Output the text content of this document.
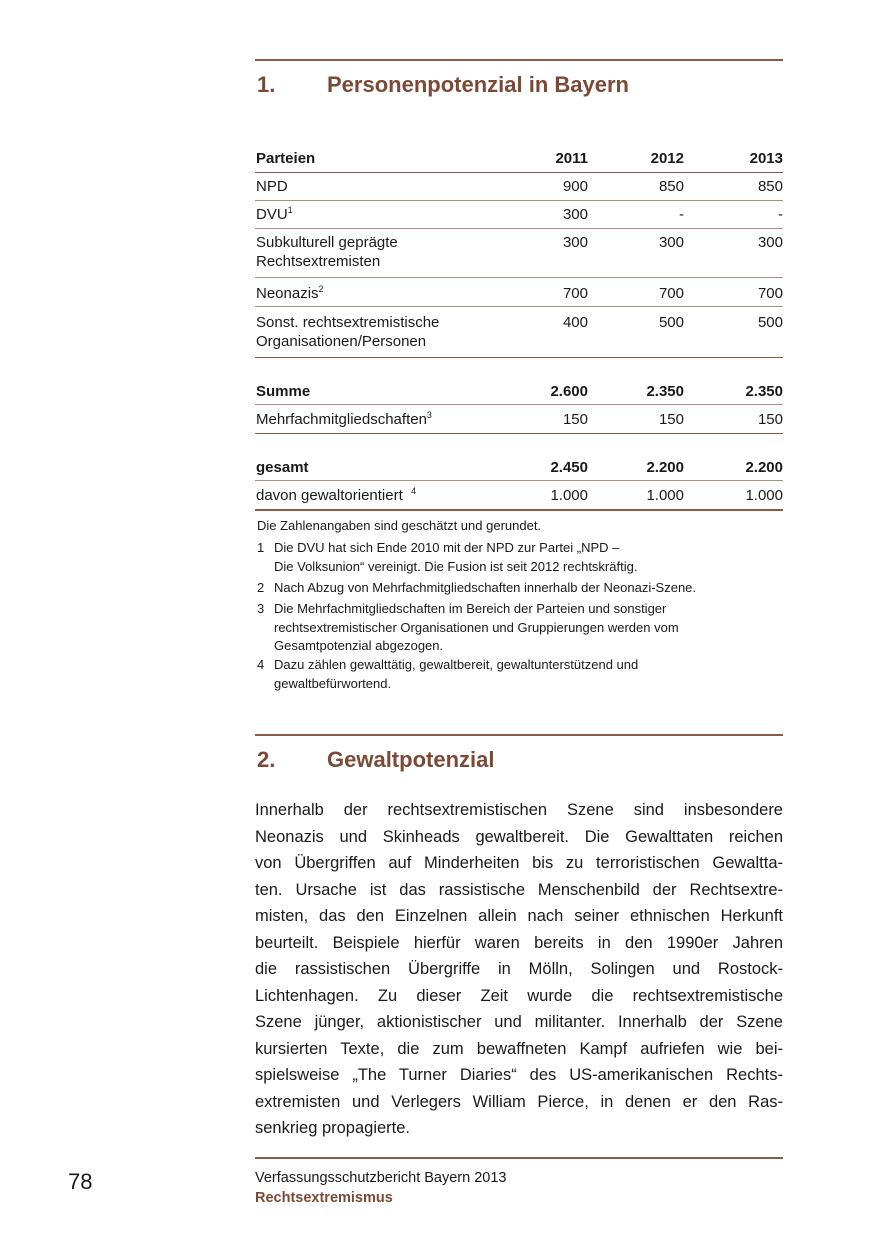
1. Personenpotenzial in Bayern
Parteien	2011	2012	2013
NPD	900	850	850
DVU$^1$	300	-	-
Subkulturell geprägte
Rechtsextremisten
300	300	300
Neonazis$^2$	700	700	700
Sonst. rechtsextremistische
Organisationen/Personen
400	500	500
Summe	2.600	2.350	2.350
Mehrfachmitgliedschaften$^3$	150	150	150
gesamt	2.450	2.200	2.200
davon gewaltorientiert $^4$	1.000	1.000	1.000
Die Zahlenangaben sind geschätzt und gerundet.
1 Die DVU hat sich Ende 2010 mit der NPD zur Partei „NPD –
Die Volksunion“ vereinigt. Die Fusion ist seit 2012 rechtskräftig.
2 Nach Abzug von Mehrfachmitgliedschaften innerhalb der Neonazi-Szene.
3 Die Mehrfachmitgliedschaften im Bereich der Parteien und sonstiger
rechtsextremistischer Organisationen und Gruppierungen werden vom
Gesamtpotenzial abgezogen.
4 Dazu zählen gewalttätig, gewaltbereit, gewaltunterstützend und
gewaltbefürwortend.
2. Gewaltpotenzial
Innerhalb der rechtsextremistischen Szene sind insbesondere
Neonazis und Skinheads gewaltbereit. Die Gewalttaten reichen
von Übergriffen auf Minderheiten bis zu terroristischen Gewaltta-
ten. Ursache ist das rassistische Menschenbild der Rechtsextre-
misten, das den Einzelnen allein nach seiner ethnischen Herkunft
beurteilt. Beispiele hierfür waren bereits in den 1990er Jahren
die rassistischen Übergriffe in Mölln, Solingen und Rostock-
Lichtenhagen. Zu dieser Zeit wurde die rechtsextremistische
Szene jünger, aktionistischer und militanter. Innerhalb der Szene
kursierten Texte, die zum bewaffneten Kampf aufriefen wie bei-
spielsweise „The Turner Diaries“ des US-amerikanischen Rechts-
extremisten und Verlegers William Pierce, in denen er den Ras-
senkrieg propagierte.
78	Verfassungsschutzbericht Bayern 2013
Rechtsextremismus
